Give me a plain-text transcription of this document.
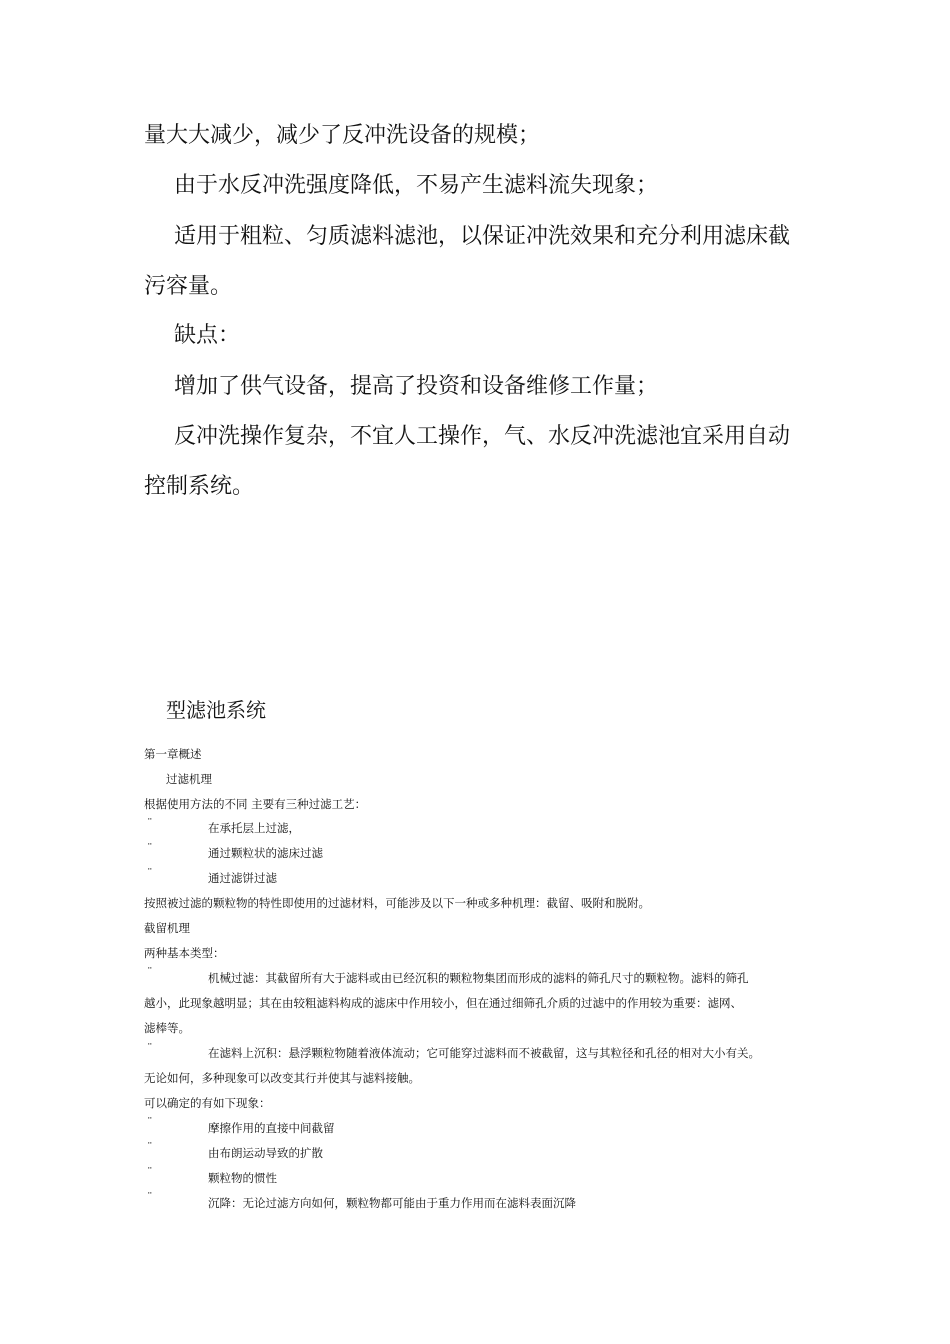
量大大减少，减少了反冲洗设备的规模；
由于水反冲洗强度降低，不易产生滤料流失现象；
适用于粗粒、匀质滤料滤池，以保证冲洗效果和充分利用滤床截
污容量。
缺点：
增加了供气设备，提高了投资和设备维修工作量；
反冲洗操作复杂，不宜人工操作，气、水反冲洗滤池宜采用自动
控制系统。
型滤池系统
第一章概述
过滤机理
根据使用方法的不同 主要有三种过滤工艺：
¨	在承托层上过滤，
¨	通过颗粒状的滤床过滤
¨	通过滤饼过滤
按照被过滤的颗粒物的特性即使用的过滤材料，可能涉及以下一种或多种机理：截留、吸附和脱附。
截留机理
两种基本类型：
¨	机械过滤：其截留所有大于滤料或由已经沉积的颗粒物集团而形成的滤料的筛孔尺寸的颗粒物。滤料的筛孔
越小，此现象越明显；其在由较粗滤料构成的滤床中作用较小，但在通过细筛孔介质的过滤中的作用较为重要：滤网、
滤棒等。
¨	在滤料上沉积：悬浮颗粒物随着液体流动；它可能穿过滤料而不被截留，这与其粒径和孔径的相对大小有关。
无论如何，多种现象可以改变其行并使其与滤料接触。
可以确定的有如下现象：
¨	摩擦作用的直接中间截留
¨	由布朗运动导致的扩散
¨	颗粒物的惯性
¨	沉降：无论过滤方向如何，颗粒物都可能由于重力作用而在滤料表面沉降
